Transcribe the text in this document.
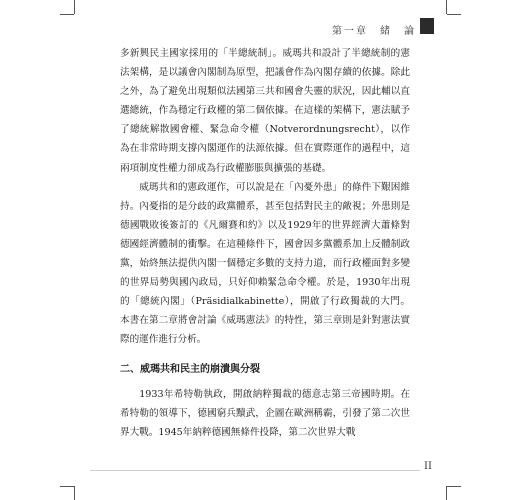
第一章　緒　論

多新興民主國家採用的「半總統制」。威瑪共和設計了半總統制的憲法架構，是以議會內閣制為原型，把議會作為內閣存續的依據。除此之外，為了避免出現類似法國第三共和國會失靈的狀況，因此輔以直選總統，作為穩定行政權的第二個依據。在這樣的架構下，憲法賦予了總統解散國會權、緊急命令權（Notverordnungsrecht），以作為在非常時期支撐內閣運作的法源依據。但在實際運作的過程中，這兩項制度性權力卻成為行政權膨脹與擴張的基礎。

威瑪共和的憲政運作，可以說是在「內憂外患」的條件下艱困維持。內憂指的是分歧的政黨體系，甚至包括對民主的敵視；外患則是德國戰敗後簽訂的《凡爾賽和約》以及1929年的世界經濟大蕭條對德國經濟體制的衝擊。在這種條件下，國會因多黨體系加上反體制政黨，始終無法提供內閣一個穩定多數的支持力道，而行政權面對多變的世界局勢與國內政局，只好仰賴緊急命令權。於是，1930年出現的「總統內閣」（Präsidialkabinette），開啟了行政獨裁的大門。本書在第二章將會討論《威瑪憲法》的特性，第三章則是針對憲法實際的運作進行分析。

二、威瑪共和民主的崩潰與分裂

1933年希特勒執政，開啟納粹獨裁的德意志第三帝國時期。在希特勒的領導下，德國窮兵黷武，企圖在歐洲稱霸，引發了第二次世界大戰。1945年納粹德國無條件投降，第二次世界大戰

II
